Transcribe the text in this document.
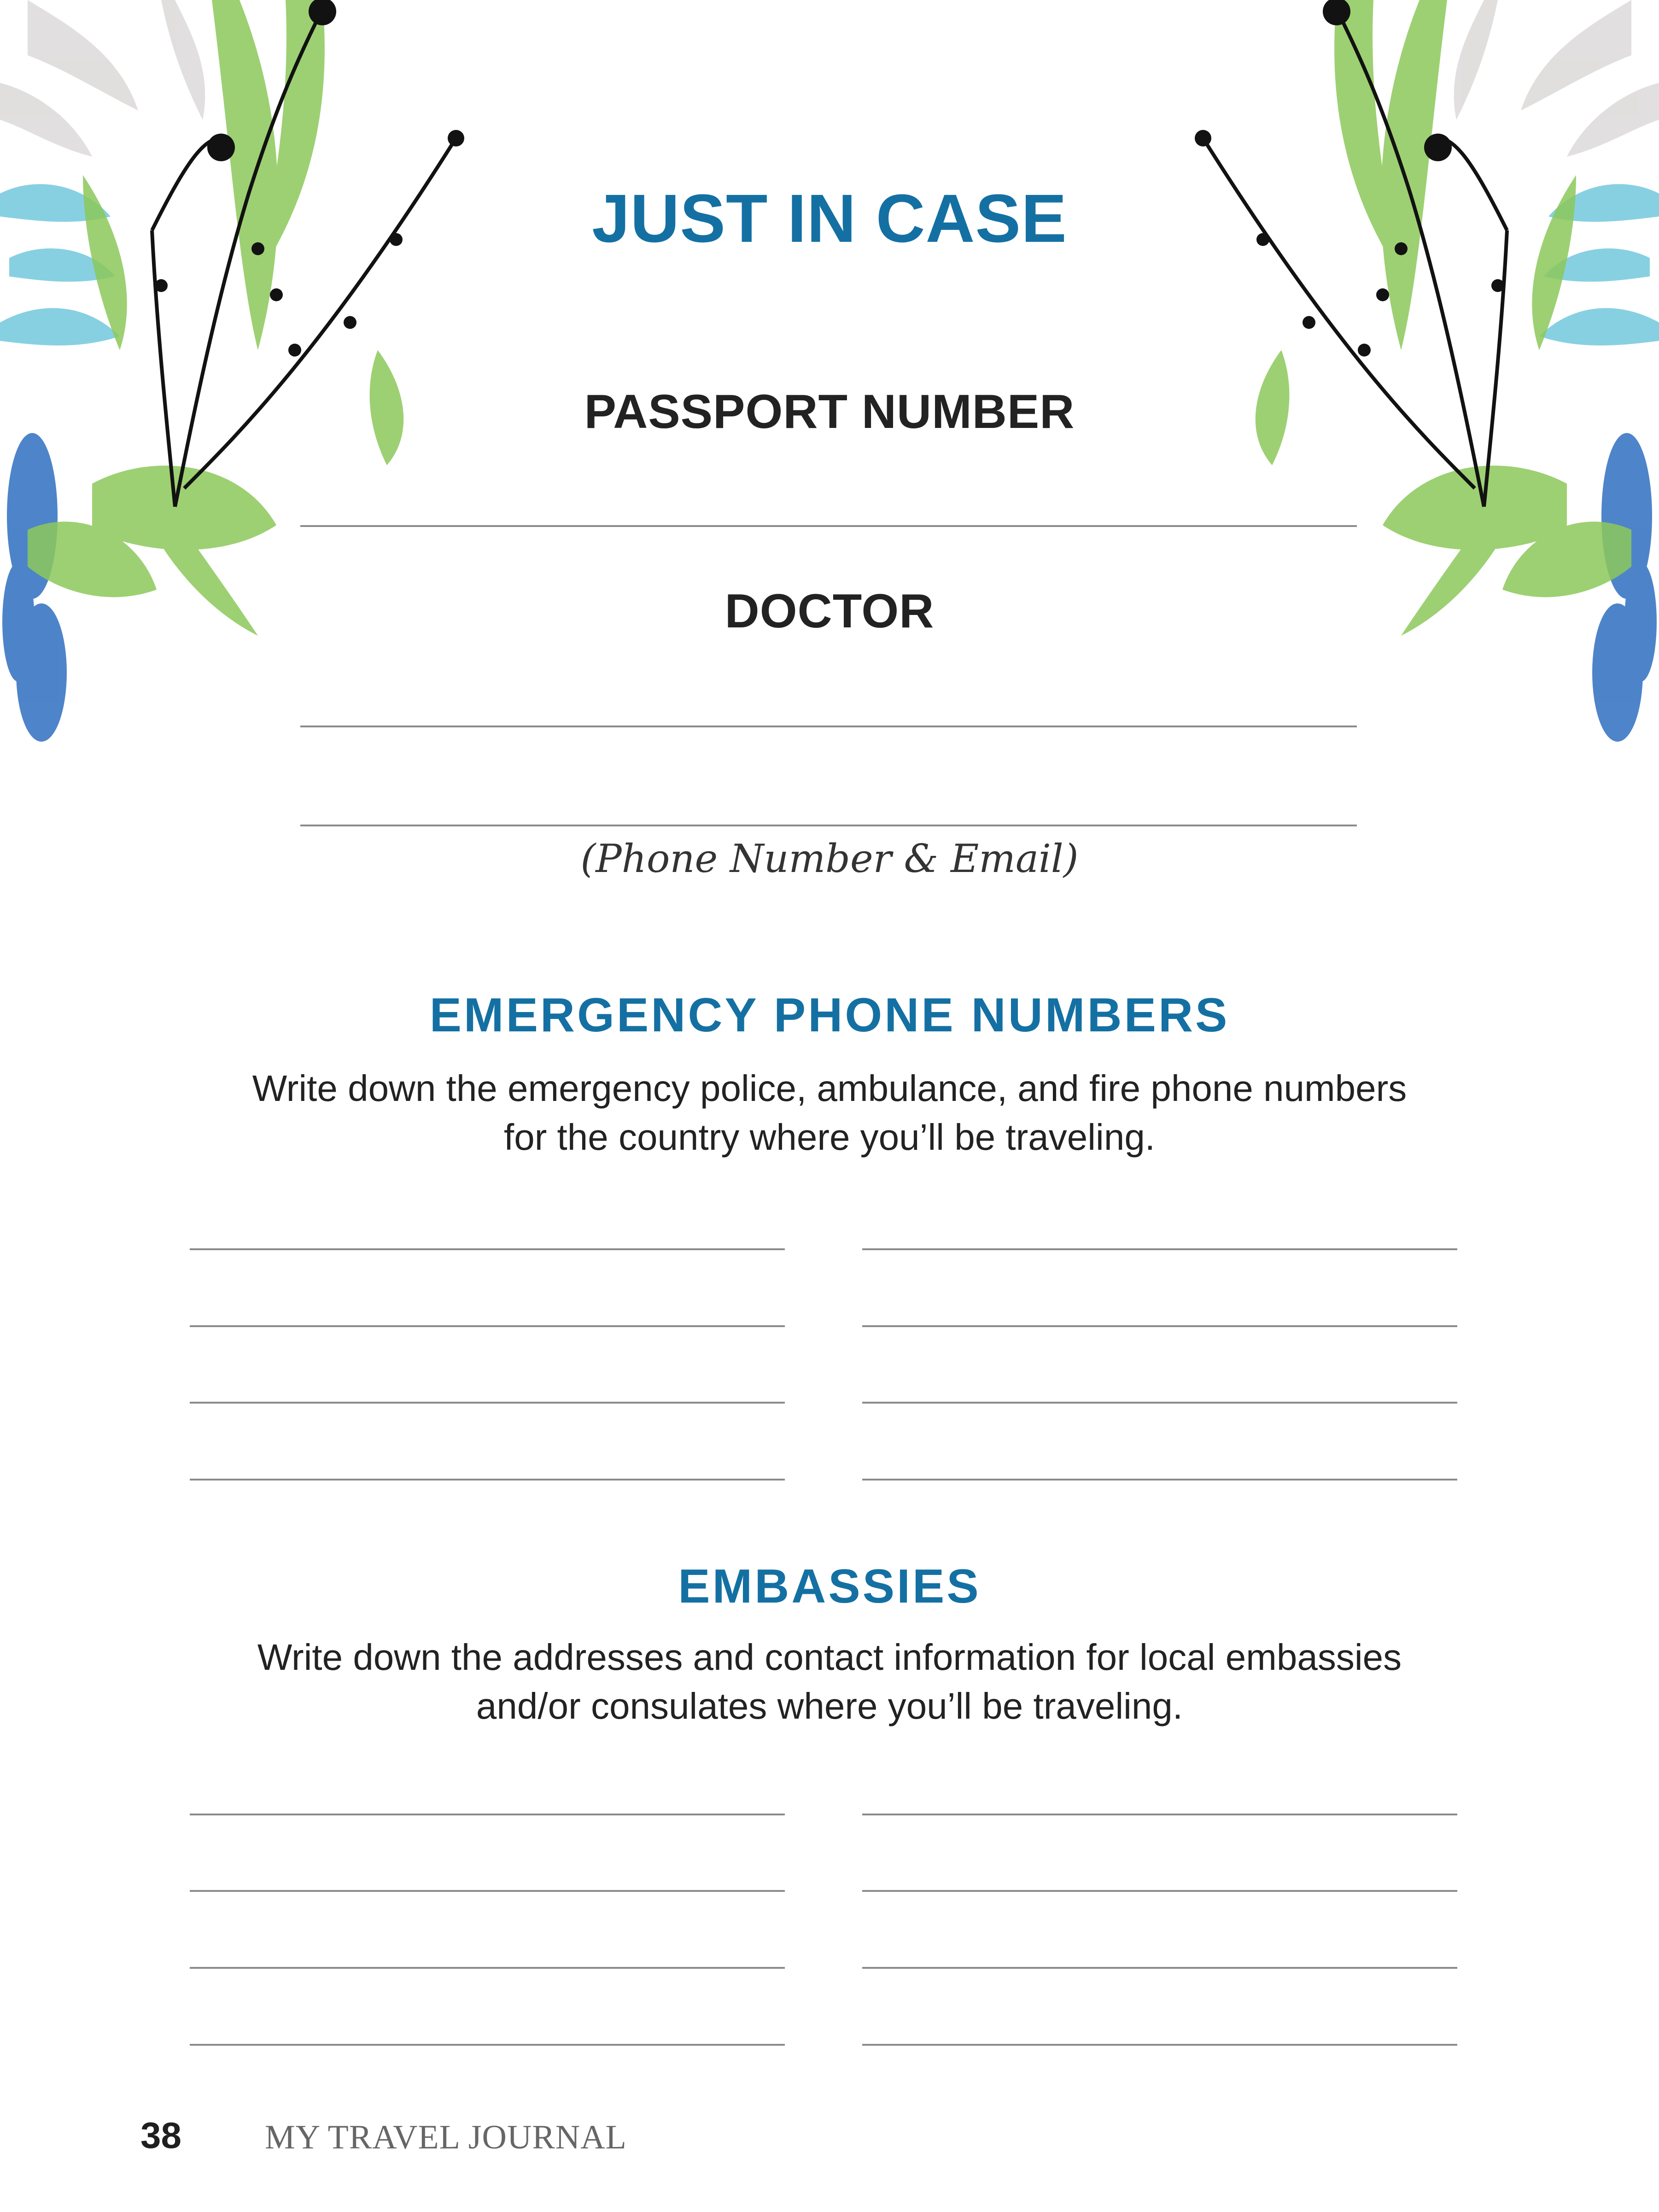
JUST IN CASE
PASSPORT NUMBER
DOCTOR
(Phone Number & Email)
EMERGENCY PHONE NUMBERS
Write down the emergency police, ambulance, and fire phone numbers
for the country where you’ll be traveling.
EMBASSIES
Write down the addresses and contact information for local embassies
and/or consulates where you’ll be traveling.
38 MY TRAVEL JOURNAL
